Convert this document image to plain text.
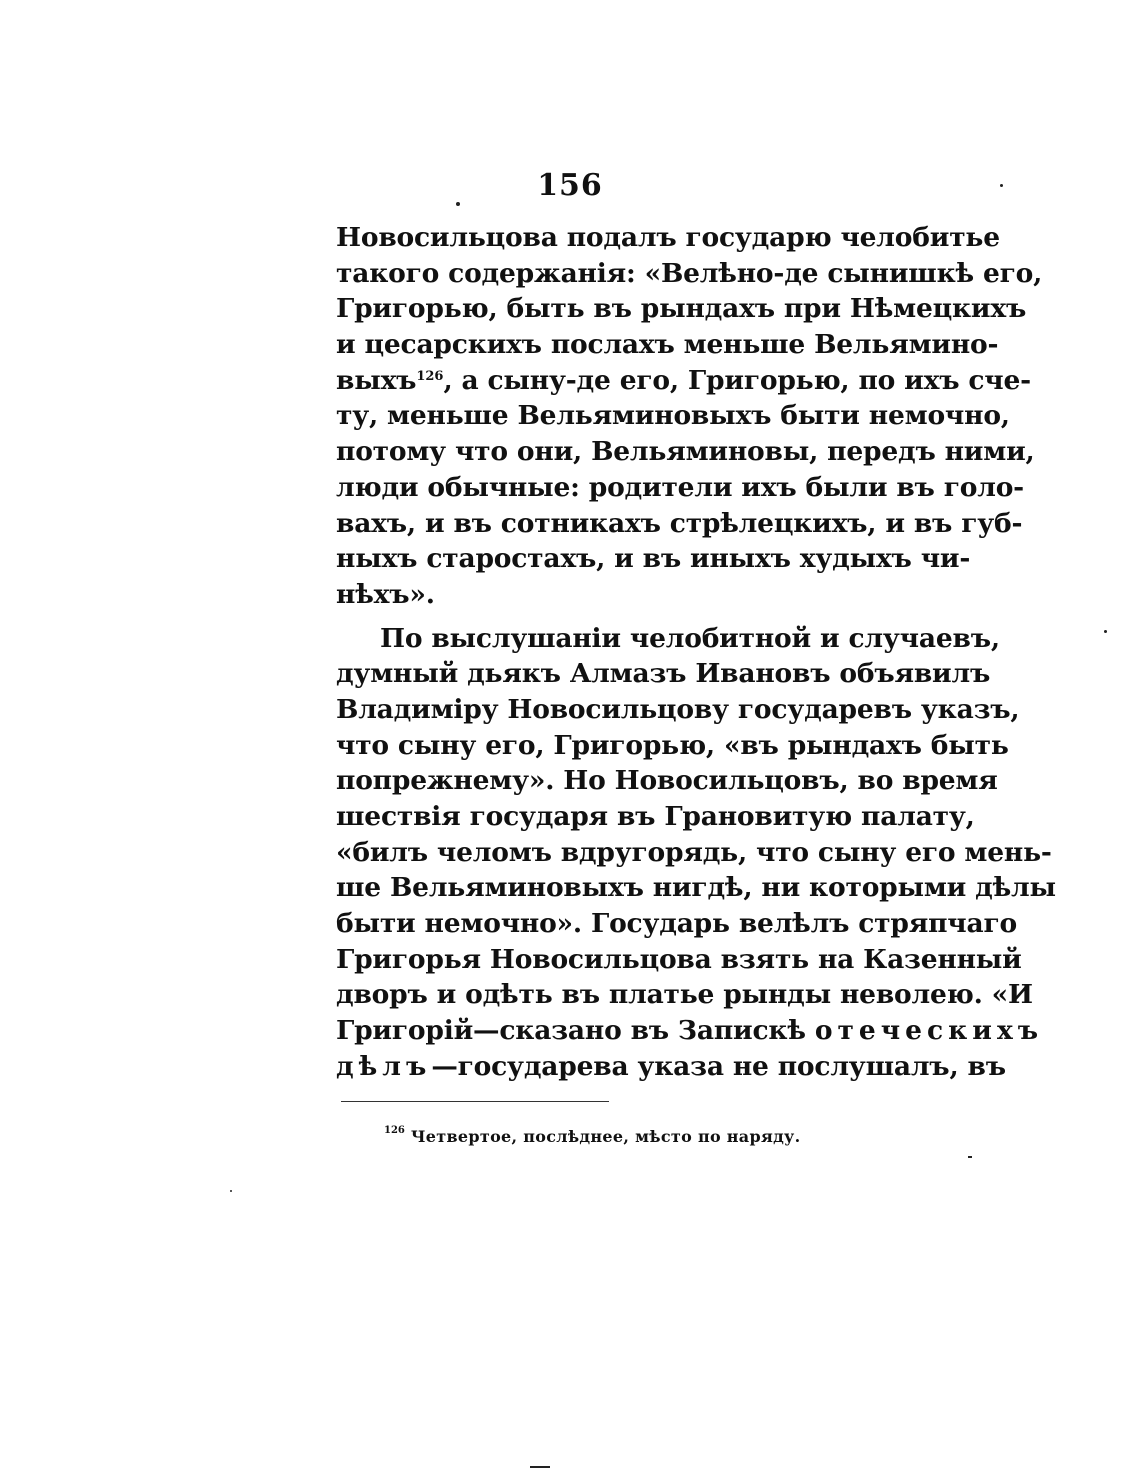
156
Новосильцова подалъ государю челобитье
такого содержанія: «Велѣно-де сынишкѣ его,
Григорью, быть въ рындахъ при Нѣмецкихъ
и цесарскихъ послахъ меньше Вельямино-
выхъ$^{126}$, а сыну-де его, Григорью, по ихъ сче-
ту, меньше Вельяминовыхъ быти немочно,
потому что они, Вельяминовы, передъ ними,
люди обычные: родители ихъ были въ голо-
вахъ, и въ сотникахъ стрѣлецкихъ, и въ губ-
ныхъ старостахъ, и въ иныхъ худыхъ чи-
нѣхъ».
По выслушаніи челобитной и случаевъ,
думный дьякъ Алмазъ Ивановъ объявилъ
Владиміру Новосильцову государевъ указъ,
что сыну его, Григорью, «въ рындахъ быть
попрежнему». Но Новосильцовъ, во время
шествія государя въ Грановитую палату,
«билъ челомъ вдругорядь, что сыну его мень-
ше Вельяминовыхъ нигдѣ, ни которыми дѣлы
быти немочно». Государь велѣлъ стряпчаго
Григорья Новосильцова взять на Казенный
дворъ и одѣть въ платье рынды неволею. «И
Григорій—сказано въ Запискѣ отеческихъ
дѣлъ—государева указа не послушалъ, въ
$^{126}$ Четвертое, послѣднее, мѣсто по наряду.
